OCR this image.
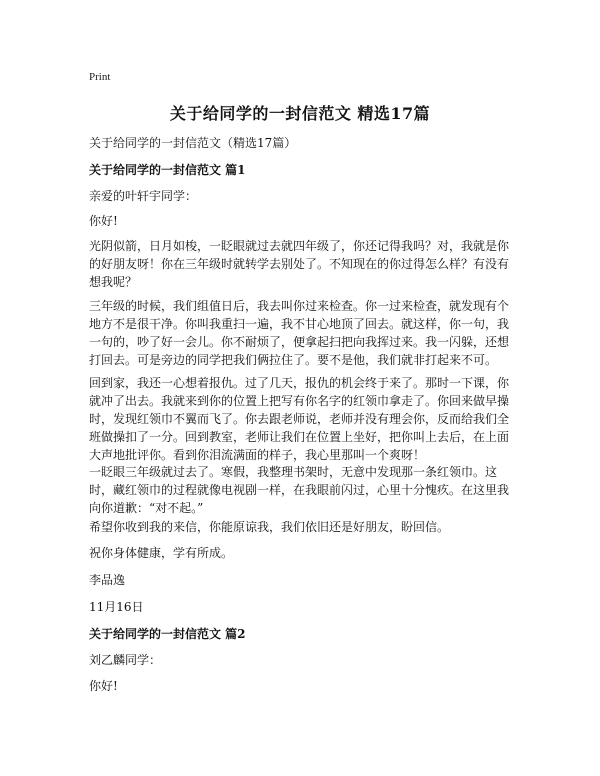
Print
关于给同学的一封信范文 精选17篇
关于给同学的一封信范文（精选17篇）
关于给同学的一封信范文 篇1
亲爱的叶轩宇同学：
你好!
光阴似箭，日月如梭，一眨眼就过去就四年级了，你还记得我吗？对，我就是你的好朋友呀！你在三年级时就转学去别处了。不知现在的你过得怎么样？有没有想我呢？
三年级的时候，我们组值日后，我去叫你过来检查。你一过来检查，就发现有个地方不是很干净。你叫我重扫一遍，我不甘心地顶了回去。就这样，你一句，我一句的，吵了好一会儿。你不耐烦了，便拿起扫把向我挥过来。我一闪躲，还想打回去。可是旁边的同学把我们俩拉住了。要不是他，我们就非打起来不可。
回到家，我还一心想着报仇。过了几天，报仇的机会终于来了。那时一下课，你就冲了出去。我就来到你的位置上把写有你名字的红领巾拿走了。你回来做早操时，发现红领巾不翼而飞了。你去跟老师说，老师并没有理会你，反而给我们全班做操扣了一分。回到教室，老师让我们在位置上坐好，把你叫上去后，在上面大声地批评你。看到你泪流满面的样子，我心里那叫一个爽呀！
一眨眼三年级就过去了。寒假，我整理书架时，无意中发现那一条红领巾。这时，藏红领巾的过程就像电视剧一样，在我眼前闪过，心里十分愧疚。在这里我向你道歉：“对不起。”
希望你收到我的来信，你能原谅我，我们依旧还是好朋友，盼回信。
祝你身体健康，学有所成。
李品逸
11月16日
关于给同学的一封信范文 篇2
刘乙麟同学：
你好!
